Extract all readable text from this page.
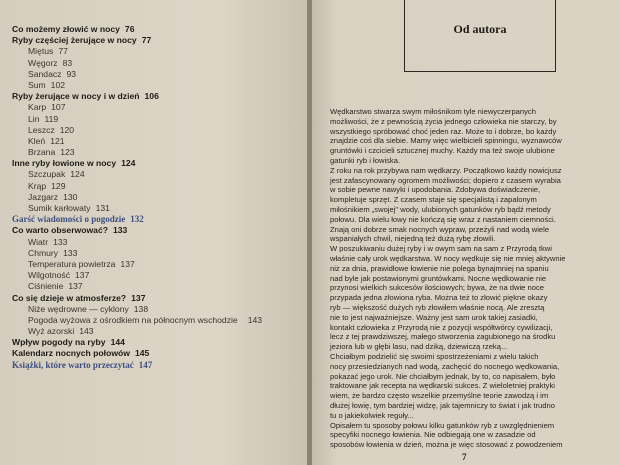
Co możemy złowić w nocy 76
Ryby częściej żerujące w nocy 77
Miętus 77
Węgorz 83
Sandacz 93
Sum 102
Ryby żerujące w nocy i w dzień 106
Karp 107
Lin 119
Leszcz 120
Kleń 121
Brzana 123
Inne ryby łowione w nocy 124
Szczupak 124
Krąp 129
Jazgarz 130
Sumik karłowaty 131
Garść wiadomości o pogodzie 132
Co warto obserwować? 133
Wiatr 133
Chmury 133
Temperatura powietrza 137
Wilgotność 137
Ciśnienie 137
Co się dzieje w atmosferze? 137
Niże wędrowne — cyklony 138
Pogoda wyżowa z ośrodkiem na północnym wschodzie 143
Wyż azorski 143
Wpływ pogody na ryby 144
Kalendarz nocnych połowów 145
Książki, które warto przeczytać 147
Od autora

Wędkarstwo stwarza swym miłośnikom tyle niewyczerpanych

możliwości, że z pewnością życia jednego człowieka nie starczy, by

wszystkiego spróbować choć jeden raz. Może to i dobrze, bo każdy

znajdzie coś dla siebie. Mamy więc wielbicieli spinningu, wyznawców

gruntówki i czcicieli sztucznej muchy. Każdy ma też swoje ulubione

gatunki ryb i łowiska.

Z roku na rok przybywa nam wędkarzy. Początkowo każdy nowicjusz

jest zafascynowany ogromem możliwości; dopiero z czasem wyrabia

w sobie pewne nawyki i upodobania. Zdobywa doświadczenie,

kompletuje sprzęt. Z czasem staje się specjalistą i zapalonym

miłośnikiem „swojej" wody, ulubionych gatunków ryb bądź metody

połowu. Dla wielu łowy nie kończą się wraz z nastaniem ciemności.

Znają oni dobrze smak nocnych wypraw, przeżyli nad wodą wiele

wspaniałych chwil, niejedną też dużą rybę złowili.

W poszukiwaniu dużej ryby i w owym sam na sam z Przyrodą tkwi

właśnie cały urok wędkarstwa. W nocy wędkuje się nie mniej aktywnie

niż za dnia, prawidłowe łowienie nie polega bynajmniej na spaniu

nad byle jak postawionymi gruntówkami. Nocne wędkowanie nie

przynosi wielkich sukcesów ilościowych; bywa, że na dwie noce

przypada jedna złowiona ryba. Można też to złowić piękne okazy

ryb — większość dużych ryb złowiłem właśnie nocą. Ale zresztą

nie to jest najważniejsze. Ważny jest sam urok takiej zasiadki,

kontakt człowieka z Przyrodą nie z pozycji współtwórcy cywilizacji,

lecz z tej prawdziwszej, małego stworzenia zagubionego na środku

jeziora lub w głębi lasu, nad dziką, dziewiczą rzeką...

Chciałbym podzielić się swoimi spostrzeżeniami z wielu takich

nocy przesiedzianych nad wodą, zachęcić do nocnego wędkowania,

pokazać jego urok. Nie chciałbym jednak, by to, co napisałem, było

traktowane jak recepta na wędkarski sukces. Z wieloletniej praktyki

wiem, że bardzo często wszelkie przemyślne teorie zawodzą i im

dłużej łowię, tym bardziej widzę, jak tajemniczy to świat i jak trudno

tu o jakiekolwiek reguły...

Opisałem tu sposoby połowu kilku gatunków ryb z uwzględnieniem

specyfiki nocnego łowienia. Nie odbiegają one w zasadzie od

sposobów łowienia w dzień, można je więc stosować z powodzeniem

7
